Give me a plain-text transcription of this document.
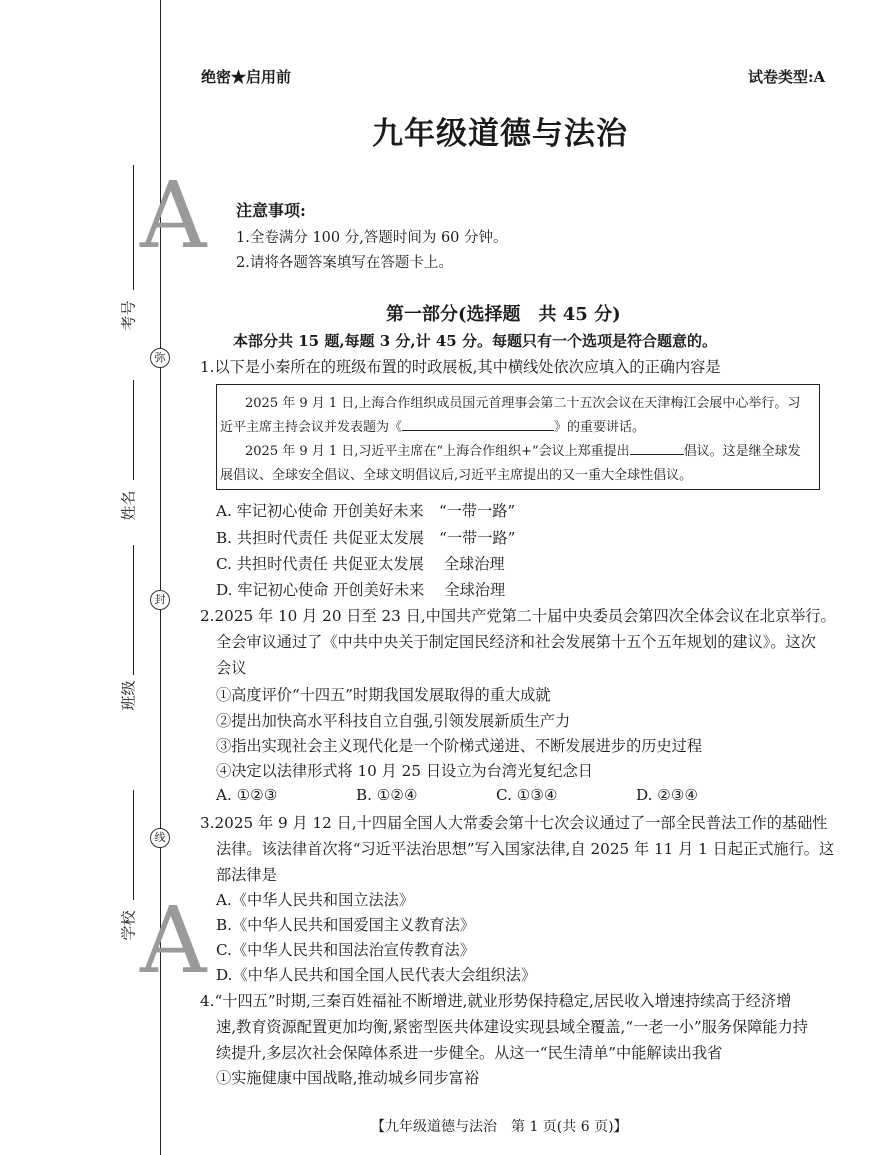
A
A
弥
封
线
考号
姓名
班级
学校
绝密★启用前	试卷类型:A
九年级道德与法治
注意事项:
1.全卷满分 100 分,答题时间为 60 分钟。
2.请将各题答案填写在答题卡上。
第一部分(选择题　共 45 分)
本部分共 15 题,每题 3 分,计 45 分。每题只有一个选项是符合题意的。
1.以下是小秦所在的班级布置的时政展板,其中横线处依次应填入的正确内容是

2025 年 9 月 1 日,上海合作组织成员国元首理事会第二十五次会议在天津梅江会展中心举行。习

近平主席主持会议并发表题为《	》的重要讲话。

2025 年 9 月 1 日,习近平主席在“上海合作组织+”会议上郑重提出	倡议。这是继全球发

展倡议、全球安全倡议、全球文明倡议后,习近平主席提出的又一重大全球性倡议。

A. 牢记初心使命 开创美好未来　“一带一路”
B. 共担时代责任 共促亚太发展　“一带一路”
C. 共担时代责任 共促亚太发展　 全球治理
D. 牢记初心使命 开创美好未来　 全球治理
2.2025 年 10 月 20 日至 23 日,中国共产党第二十届中央委员会第四次全体会议在北京举行。
全会审议通过了《中共中央关于制定国民经济和社会发展第十五个五年规划的建议》。这次
会议
①高度评价“十四五”时期我国发展取得的重大成就
②提出加快高水平科技自立自强,引领发展新质生产力
③指出实现社会主义现代化是一个阶梯式递进、不断发展进步的历史过程
④决定以法律形式将 10 月 25 日设立为台湾光复纪念日
A. ①②③	B. ①②④	C. ①③④	D. ②③④
3.2025 年 9 月 12 日,十四届全国人大常委会第十七次会议通过了一部全民普法工作的基础性
法律。该法律首次将“习近平法治思想”写入国家法律,自 2025 年 11 月 1 日起正式施行。这
部法律是
A.《中华人民共和国立法法》
B.《中华人民共和国爱国主义教育法》
C.《中华人民共和国法治宣传教育法》
D.《中华人民共和国全国人民代表大会组织法》
4.“十四五”时期,三秦百姓福祉不断增进,就业形势保持稳定,居民收入增速持续高于经济增
速,教育资源配置更加均衡,紧密型医共体建设实现县域全覆盖,“一老一小”服务保障能力持
续提升,多层次社会保障体系进一步健全。从这一“民生清单”中能解读出我省
①实施健康中国战略,推动城乡同步富裕
【九年级道德与法治　第 1 页(共 6 页)】
